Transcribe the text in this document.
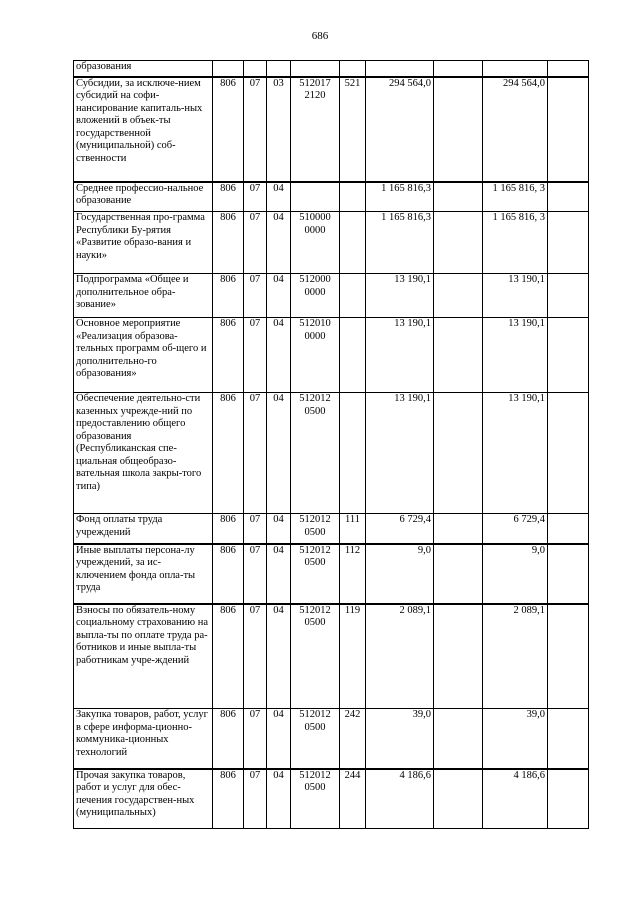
686
образования									
Субсидии, за исключе-нием субсидий на софи-нансирование капиталь-ных вложений в объек-ты государственной (муниципальной) соб-ственности	806	07	03	512017 2120	521	294 564,0		294 564,0	
Среднее профессио-нальное образование	806	07	04			1 165 816,3		1 165 816, 3	
Государственная про-грамма Республики Бу-рятия «Развитие образо-вания и науки»	806	07	04	510000 0000		1 165 816,3		1 165 816, 3	
Подпрограмма «Общее и дополнительное обра-зование»	806	07	04	512000 0000		13 190,1		13 190,1	
Основное мероприятие «Реализация образова-тельных программ об-щего и дополнительно-го образования»	806	07	04	512010 0000		13 190,1		13 190,1	
Обеспечение деятельно-сти казенных учрежде-ний по предоставлению общего образования (Республиканская спе-циальная общеобразо-вательная школа закры-того типа)	806	07	04	512012 0500		13 190,1		13 190,1	
Фонд оплаты труда учреждений	806	07	04	512012 0500	111	6 729,4		6 729,4	
Иные выплаты персона-лу учреждений, за ис-ключением фонда опла-ты труда	806	07	04	512012 0500	112	9,0		9,0	
Взносы по обязатель-ному социальному страхованию на выпла-ты по оплате труда ра-ботников и иные выпла-ты работникам учре-ждений	806	07	04	512012 0500	119	2 089,1		2 089,1	
Закупка товаров, работ, услуг в сфере информа-ционно-коммуника-ционных технологий	806	07	04	512012 0500	242	39,0		39,0	
Прочая закупка товаров, работ и услуг для обес-печения государствен-ных (муниципальных)	806	07	04	512012 0500	244	4 186,6		4 186,6	
